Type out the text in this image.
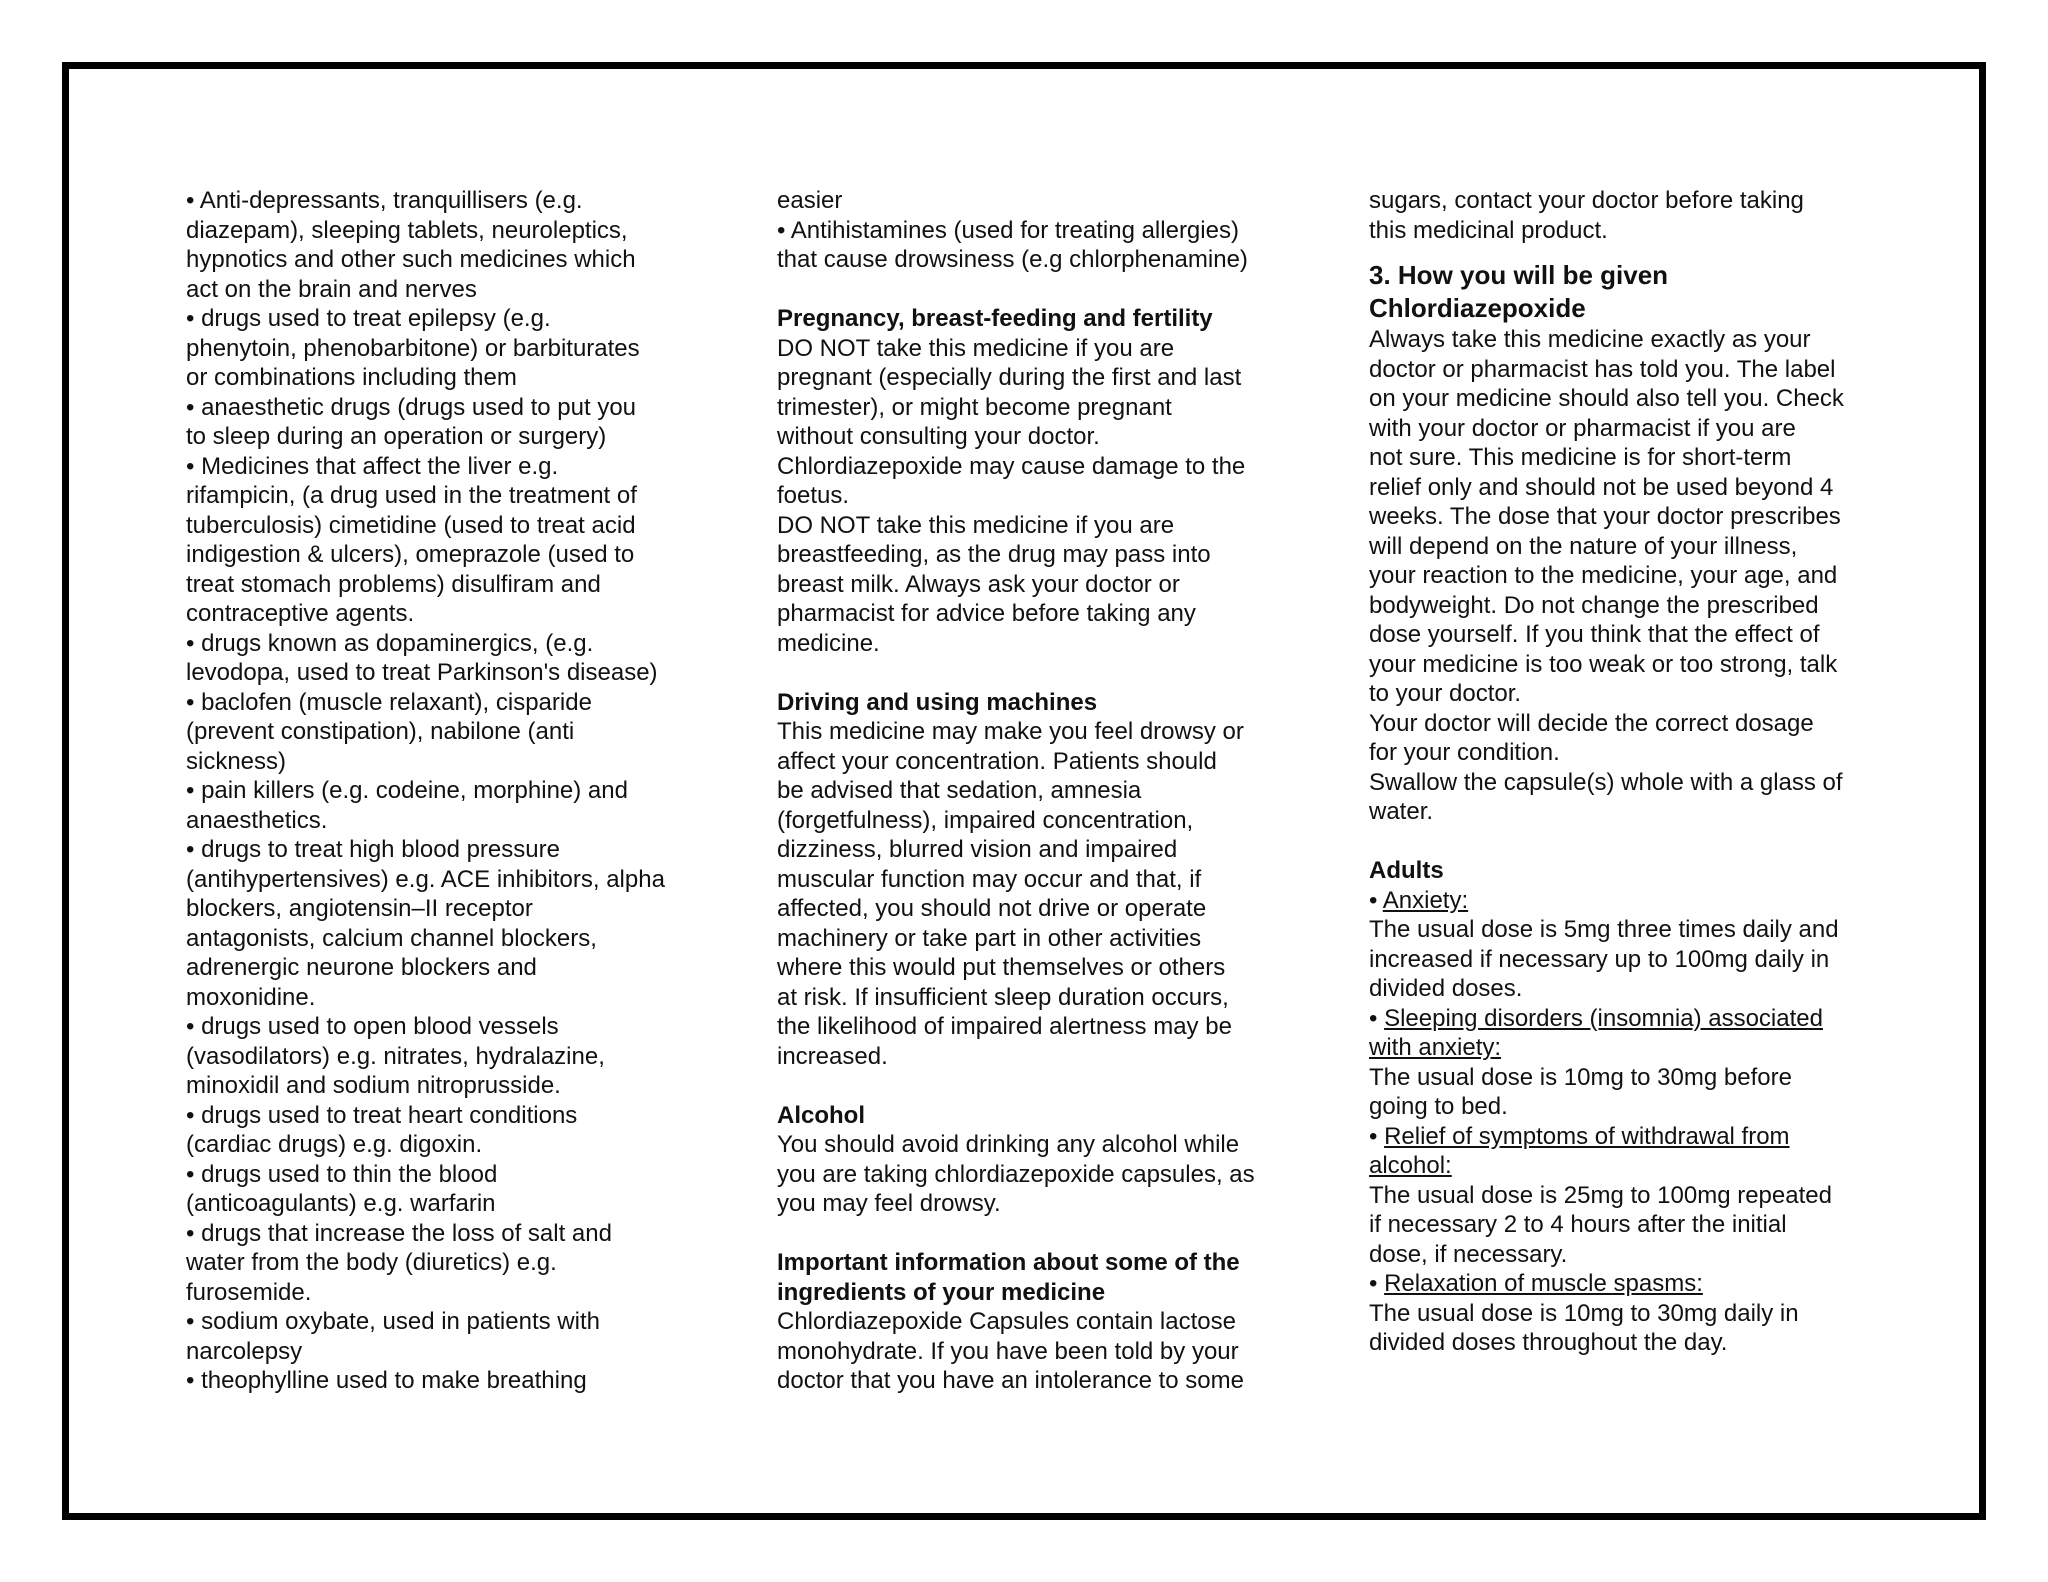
• Anti-depressants, tranquillisers (e.g.
diazepam), sleeping tablets, neuroleptics,
hypnotics and other such medicines which
act on the brain and nerves
• drugs used to treat epilepsy (e.g.
phenytoin, phenobarbitone) or barbiturates
or combinations including them
• anaesthetic drugs (drugs used to put you
to sleep during an operation or surgery)
• Medicines that affect the liver e.g.
rifampicin, (a drug used in the treatment of
tuberculosis) cimetidine (used to treat acid
indigestion & ulcers), omeprazole (used to
treat stomach problems) disulfiram and
contraceptive agents.
• drugs known as dopaminergics, (e.g.
levodopa, used to treat Parkinson's disease)
• baclofen (muscle relaxant), cisparide
(prevent constipation), nabilone (anti
sickness)
• pain killers (e.g. codeine, morphine) and
anaesthetics.
• drugs to treat high blood pressure
(antihypertensives) e.g. ACE inhibitors, alpha
blockers, angiotensin–II receptor
antagonists, calcium channel blockers,
adrenergic neurone blockers and
moxonidine.
• drugs used to open blood vessels
(vasodilators) e.g. nitrates, hydralazine,
minoxidil and sodium nitroprusside.
• drugs used to treat heart conditions
(cardiac drugs) e.g. digoxin.
• drugs used to thin the blood
(anticoagulants) e.g. warfarin
• drugs that increase the loss of salt and
water from the body (diuretics) e.g.
furosemide.
• sodium oxybate, used in patients with
narcolepsy
• theophylline used to make breathing
easier
• Antihistamines (used for treating allergies)
that cause drowsiness (e.g chlorphenamine)
Pregnancy, breast-feeding and fertility
DO NOT take this medicine if you are
pregnant (especially during the first and last
trimester), or might become pregnant
without consulting your doctor.
Chlordiazepoxide may cause damage to the
foetus.
DO NOT take this medicine if you are
breastfeeding, as the drug may pass into
breast milk. Always ask your doctor or
pharmacist for advice before taking any
medicine.
Driving and using machines
This medicine may make you feel drowsy or
affect your concentration. Patients should
be advised that sedation, amnesia
(forgetfulness), impaired concentration,
dizziness, blurred vision and impaired
muscular function may occur and that, if
affected, you should not drive or operate
machinery or take part in other activities
where this would put themselves or others
at risk. If insufficient sleep duration occurs,
the likelihood of impaired alertness may be
increased.
Alcohol
You should avoid drinking any alcohol while
you are taking chlordiazepoxide capsules, as
you may feel drowsy.
Important information about some of the
ingredients of your medicine
Chlordiazepoxide Capsules contain lactose
monohydrate. If you have been told by your
doctor that you have an intolerance to some
sugars, contact your doctor before taking
this medicinal product.
3. How you will be given
Chlordiazepoxide
Always take this medicine exactly as your
doctor or pharmacist has told you. The label
on your medicine should also tell you. Check
with your doctor or pharmacist if you are
not sure. This medicine is for short-term
relief only and should not be used beyond 4
weeks. The dose that your doctor prescribes
will depend on the nature of your illness,
your reaction to the medicine, your age, and
bodyweight. Do not change the prescribed
dose yourself. If you think that the effect of
your medicine is too weak or too strong, talk
to your doctor.
Your doctor will decide the correct dosage
for your condition.
Swallow the capsule(s) whole with a glass of
water.
Adults
• Anxiety:
The usual dose is 5mg three times daily and
increased if necessary up to 100mg daily in
divided doses.
• Sleeping disorders (insomnia) associated
with anxiety:
The usual dose is 10mg to 30mg before
going to bed.
• Relief of symptoms of withdrawal from
alcohol:
The usual dose is 25mg to 100mg repeated
if necessary 2 to 4 hours after the initial
dose, if necessary.
• Relaxation of muscle spasms:
The usual dose is 10mg to 30mg daily in
divided doses throughout the day.
